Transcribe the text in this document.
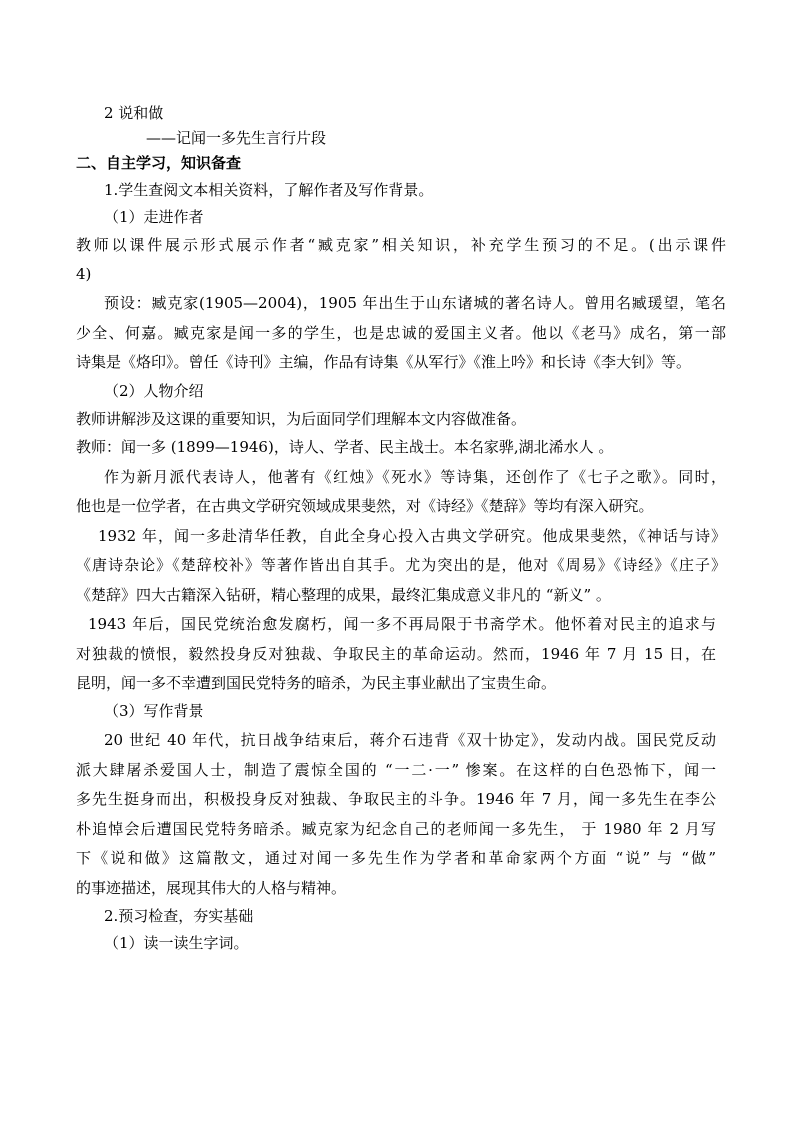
2 说和做
——记闻一多先生言行片段
二、自主学习，知识备查
1.学生查阅文本相关资料，了解作者及写作背景。
（1）走进作者
教师以课件展示形式展示作者“臧克家”相关知识，补充学生预习的不足。(出示课件
4)
预设：臧克家(1905—2004)，1905 年出生于山东诸城的著名诗人。曾用名臧瑗望，笔名
少全、何嘉。臧克家是闻一多的学生，也是忠诚的爱国主义者。他以《老马》成名，第一部
诗集是《烙印》。曾任《诗刊》主编，作品有诗集《从军行》《淮上吟》和长诗《李大钊》等。
（2）人物介绍
教师讲解涉及这课的重要知识，为后面同学们理解本文内容做准备。
教师：闻一多 (1899—1946)，诗人、学者、民主战士。本名家骅,湖北浠水人 。
作为新月派代表诗人，他著有《红烛》《死水》等诗集，还创作了《七子之歌》。同时，
他也是一位学者，在古典文学研究领域成果斐然，对《诗经》《楚辞》等均有深入研究。
1932 年，闻一多赴清华任教，自此全身心投入古典文学研究。他成果斐然，《神话与诗》
《唐诗杂论》《楚辞校补》等著作皆出自其手。尤为突出的是，他对《周易》《诗经》《庄子》
《楚辞》四大古籍深入钻研，精心整理的成果，最终汇集成意义非凡的 “新义” 。
1943 年后，国民党统治愈发腐朽，闻一多不再局限于书斋学术。他怀着对民主的追求与
对独裁的愤恨，毅然投身反对独裁、争取民主的革命运动。然而，1946 年 7 月 15 日，在
昆明，闻一多不幸遭到国民党特务的暗杀，为民主事业献出了宝贵生命。
（3）写作背景
20 世纪 40 年代，抗日战争结束后，蒋介石违背《双十协定》，发动内战。国民党反动
派大肆屠杀爱国人士，制造了震惊全国的 “一二·一” 惨案。在这样的白色恐怖下，闻一
多先生挺身而出，积极投身反对独裁、争取民主的斗争。1946 年 7 月，闻一多先生在李公
朴追悼会后遭国民党特务暗杀。臧克家为纪念自己的老师闻一多先生， 于 1980 年 2 月写
下《说和做》这篇散文，通过对闻一多先生作为学者和革命家两个方面 “说” 与 “做”
的事迹描述，展现其伟大的人格与精神。
2.预习检查，夯实基础
（1）读一读生字词。
